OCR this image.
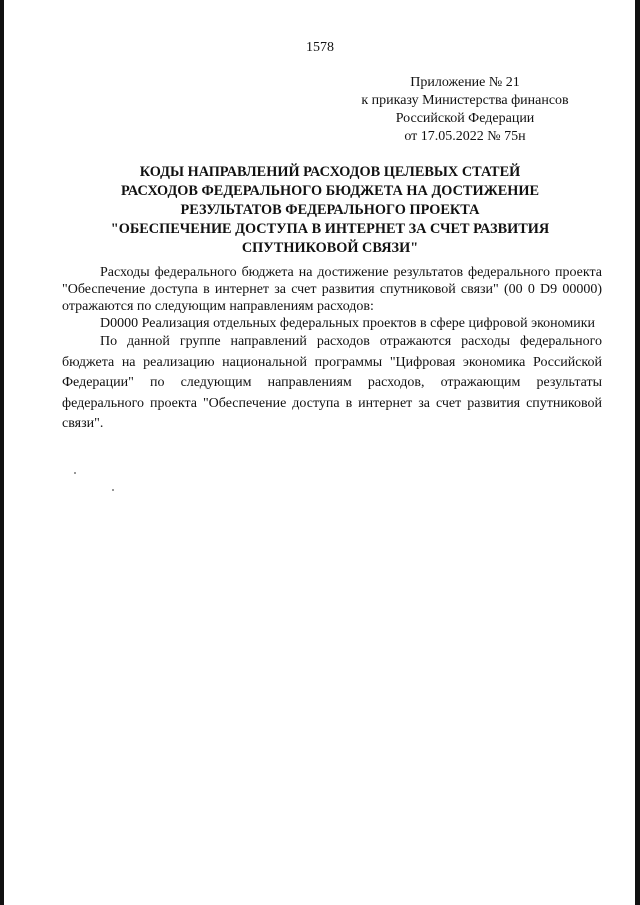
1578
Приложение № 21
к приказу Министерства финансов
Российской Федерации
от 17.05.2022 № 75н
КОДЫ НАПРАВЛЕНИЙ РАСХОДОВ ЦЕЛЕВЫХ СТАТЕЙ
РАСХОДОВ ФЕДЕРАЛЬНОГО БЮДЖЕТА НА ДОСТИЖЕНИЕ
РЕЗУЛЬТАТОВ ФЕДЕРАЛЬНОГО ПРОЕКТА
"ОБЕСПЕЧЕНИЕ ДОСТУПА В ИНТЕРНЕТ ЗА СЧЕТ РАЗВИТИЯ
СПУТНИКОВОЙ СВЯЗИ"

Расходы федерального бюджета на достижение результатов федерального проекта "Обеспечение доступа в интернет за счет развития спутниковой связи" (00 0 D9 00000) отражаются по следующим направлениям расходов:

D0000 Реализация отдельных федеральных проектов в сфере цифровой экономики

По данной группе направлений расходов отражаются расходы федерального бюджета на реализацию национальной программы "Цифровая экономика Российской Федерации" по следующим направлениям расходов, отражающим результаты федерального проекта "Обеспечение доступа в интернет за счет развития спутниковой связи".
